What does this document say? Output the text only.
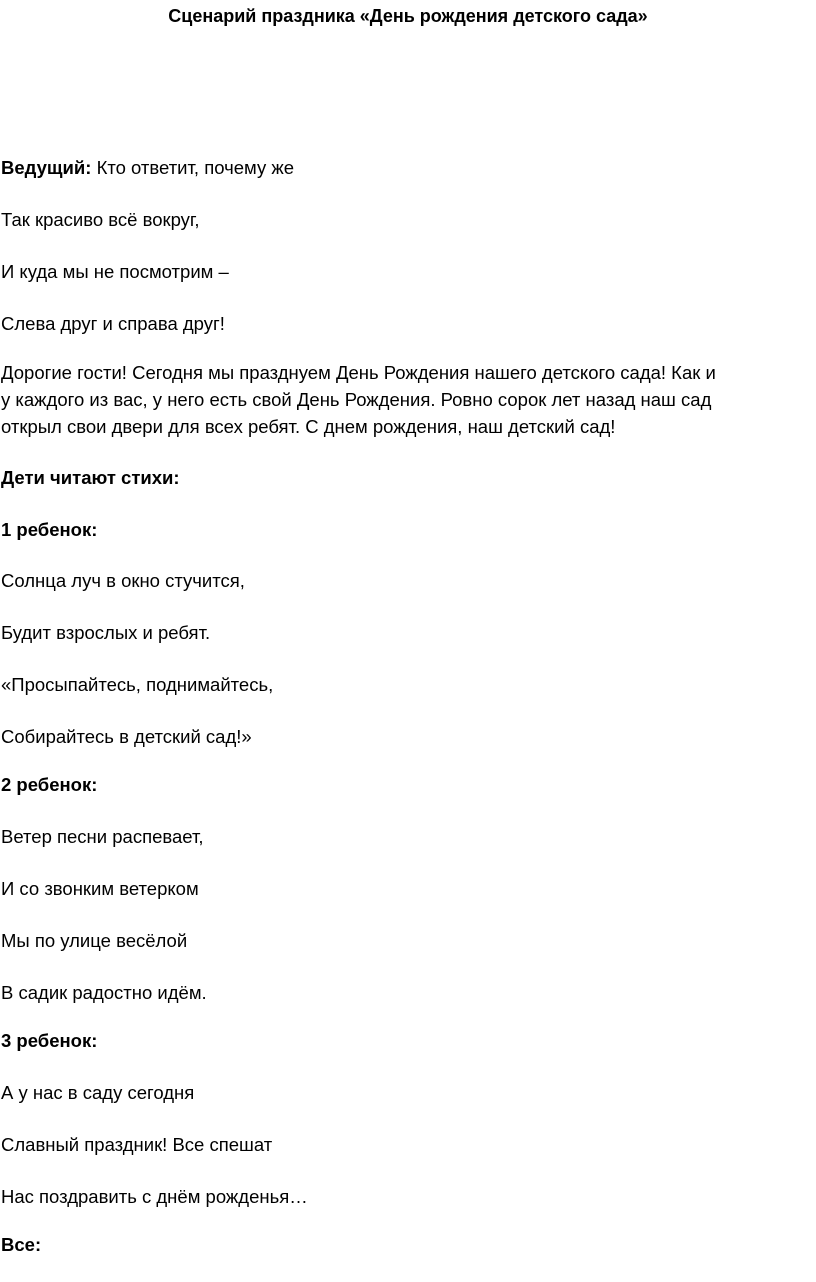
Сценарий праздника «День рождения детского сада»

Ведущий: Кто ответит, почему же

Так красиво всё вокруг,

И куда мы не посмотрим –

Слева друг и справа друг!

Дорогие гости! Сегодня мы празднуем День Рождения нашего детского сада! Как и

у каждого из вас, у него есть свой День Рождения. Ровно сорок лет назад наш сад

открыл свои двери для всех ребят. С днем рождения, наш детский сад!

Дети читают стихи:

1 ребенок:

Солнца луч в окно стучится,

Будит взрослых и ребят.

«Просыпайтесь, поднимайтесь,

Собирайтесь в детский сад!»

2 ребенок:

Ветер песни распевает,

И со звонким ветерком

Мы по улице весёлой

В садик радостно идём.

3 ребенок:

А у нас в саду сегодня

Славный праздник! Все спешат

Нас поздравить с днём рожденья…

Все:
